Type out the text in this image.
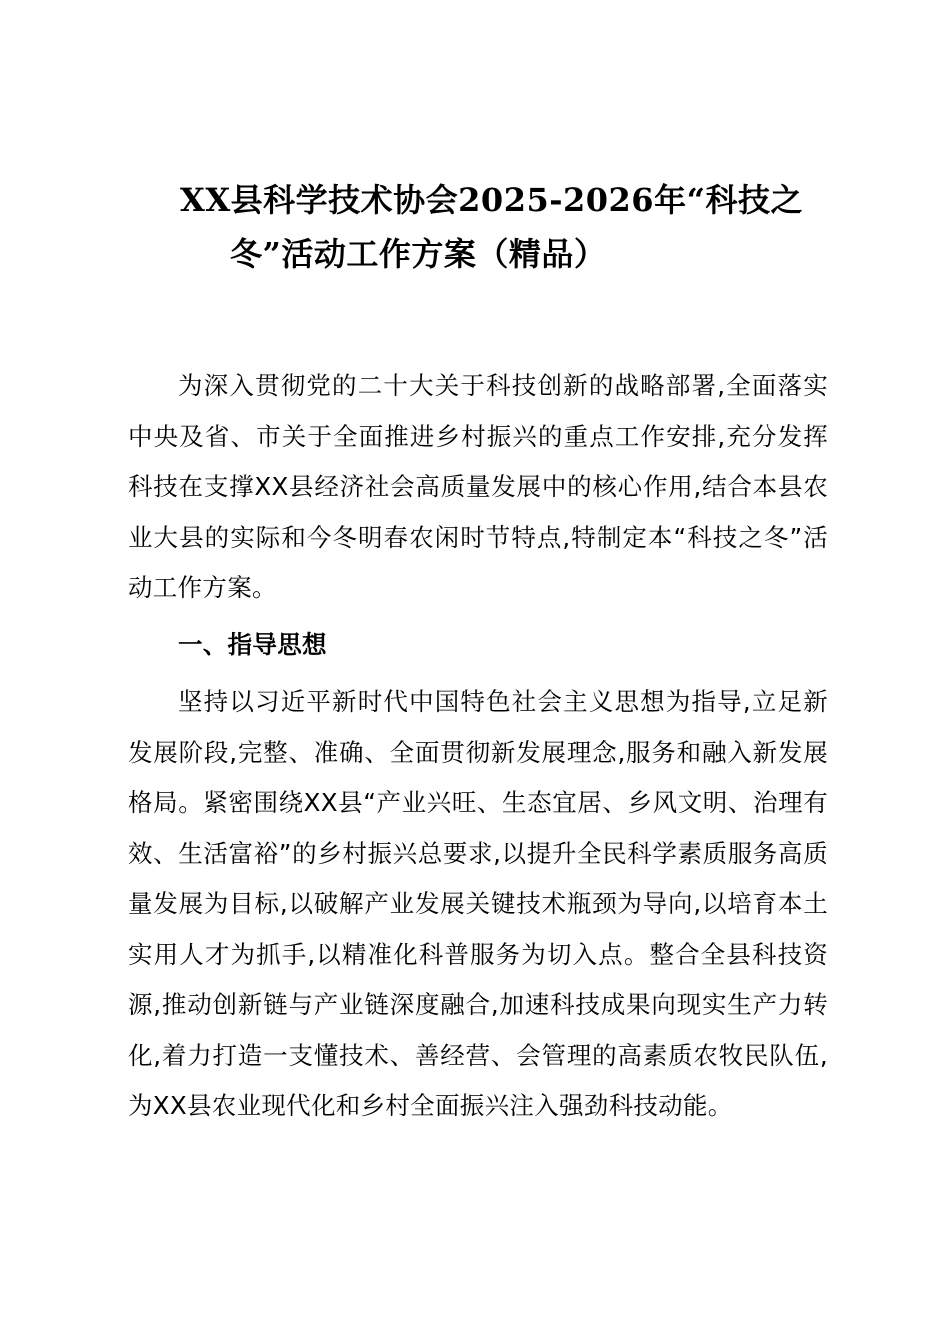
XX县科学技术协会2025-2026年“科技之
冬”活动工作方案（精品）

为深入贯彻党的二十大关于科技创新的战略部署,全面落实中央及省、市关于全面推进乡村振兴的重点工作安排,充分发挥科技在支撑XX县经济社会高质量发展中的核心作用,结合本县农业大县的实际和今冬明春农闲时节特点,特制定本“科技之冬”活动工作方案。

一、指导思想

坚持以习近平新时代中国特色社会主义思想为指导,立足新发展阶段,完整、准确、全面贯彻新发展理念,服务和融入新发展格局。紧密围绕XX县“产业兴旺、生态宜居、乡风文明、治理有效、生活富裕”的乡村振兴总要求,以提升全民科学素质服务高质量发展为目标,以破解产业发展关键技术瓶颈为导向,以培育本土实用人才为抓手,以精准化科普服务为切入点。整合全县科技资源,推动创新链与产业链深度融合,加速科技成果向现实生产力转化,着力打造一支懂技术、善经营、会管理的高素质农牧民队伍,为XX县农业现代化和乡村全面振兴注入强劲科技动能。
